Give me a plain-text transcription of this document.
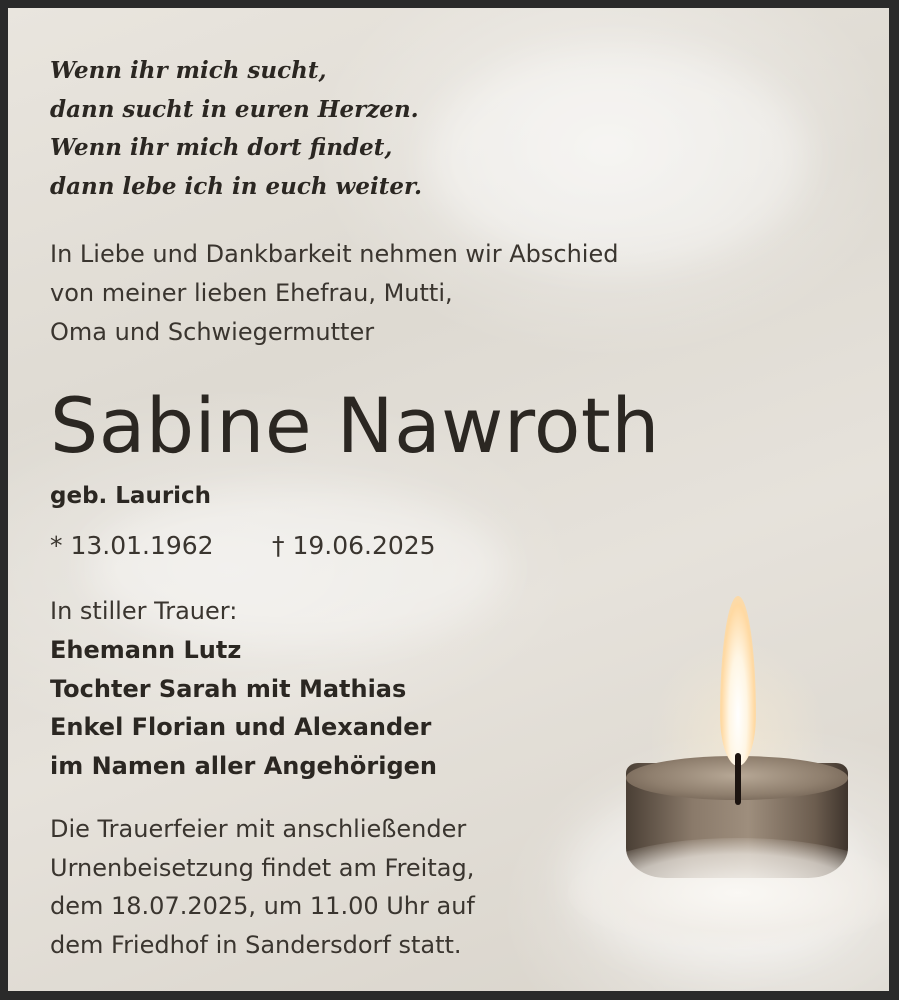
Wenn ihr mich sucht,
dann sucht in euren Herzen.
Wenn ihr mich dort findet,
dann lebe ich in euch weiter.
In Liebe und Dankbarkeit nehmen wir Abschied
von meiner lieben Ehefrau, Mutti,
Oma und Schwiegermutter
Sabine Nawroth
geb. Laurich
* 13.01.1962 † 19.06.2025
In stiller Trauer:
Ehemann Lutz
Tochter Sarah mit Mathias
Enkel Florian und Alexander
im Namen aller Angehörigen
Die Trauerfeier mit anschließender
Urnenbeisetzung findet am Freitag,
dem 18.07.2025, um 11.00 Uhr auf
dem Friedhof in Sandersdorf statt.
